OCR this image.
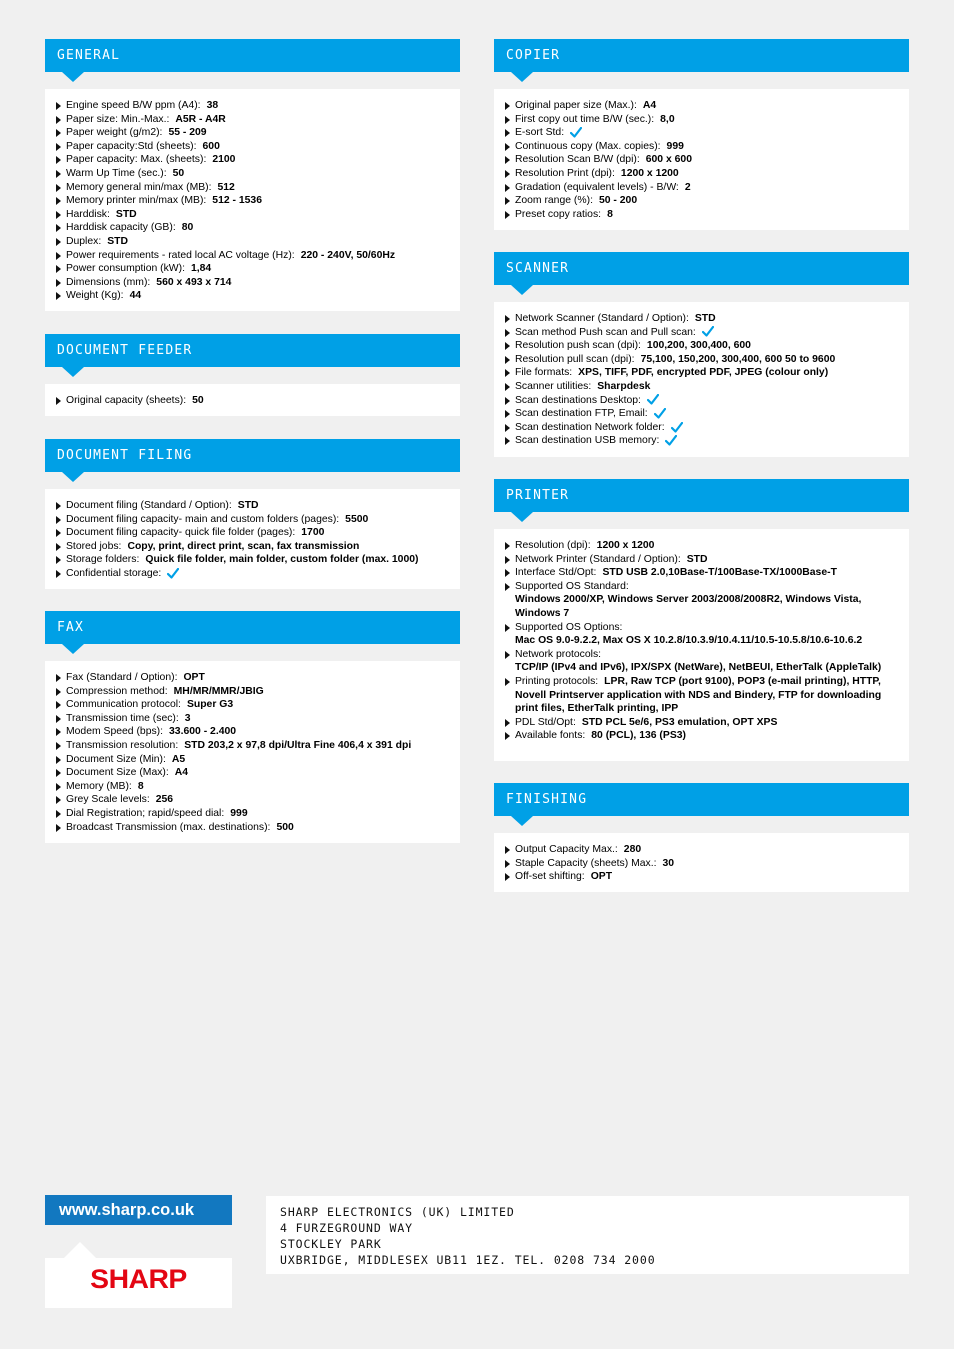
GENERAL
Engine speed B/W ppm (A4): 38
Paper size: Min.-Max.: A5R - A4R
Paper weight (g/m2): 55 - 209
Paper capacity:Std (sheets): 600
Paper capacity: Max. (sheets): 2100
Warm Up Time (sec.): 50
Memory general min/max (MB): 512
Memory printer min/max (MB): 512 - 1536
Harddisk: STD
Harddisk capacity (GB): 80
Duplex: STD
Power requirements - rated local AC voltage (Hz): 220 - 240V, 50/60Hz
Power consumption (kW): 1,84
Dimensions (mm): 560 x 493 x 714
Weight (Kg): 44
DOCUMENT FEEDER
Original capacity (sheets): 50
DOCUMENT FILING
Document filing (Standard / Option): STD
Document filing capacity- main and custom folders (pages): 5500
Document filing capacity- quick file folder (pages): 1700
Stored jobs: Copy, print, direct print, scan, fax transmission
Storage folders: Quick file folder, main folder, custom folder (max. 1000)
Confidential storage:
FAX
Fax (Standard / Option): OPT
Compression method: MH/MR/MMR/JBIG
Communication protocol: Super G3
Transmission time (sec): 3
Modem Speed (bps): 33.600 - 2.400
Transmission resolution: STD 203,2 x 97,8 dpi/Ultra Fine 406,4 x 391 dpi
Document Size (Min): A5
Document Size (Max): A4
Memory (MB): 8
Grey Scale levels: 256
Dial Registration; rapid/speed dial: 999
Broadcast Transmission (max. destinations): 500
COPIER
Original paper size (Max.): A4
First copy out time B/W (sec.): 8,0
E-sort Std:
Continuous copy (Max. copies): 999
Resolution Scan B/W (dpi): 600 x 600
Resolution Print (dpi): 1200 x 1200
Gradation (equivalent levels) - B/W: 2
Zoom range (%): 50 - 200
Preset copy ratios: 8
SCANNER
Network Scanner (Standard / Option): STD
Scan method Push scan and Pull scan:
Resolution push scan (dpi): 100,200, 300,400, 600
Resolution pull scan (dpi): 75,100, 150,200, 300,400, 600 50 to 9600
File formats: XPS, TIFF, PDF, encrypted PDF, JPEG (colour only)
Scanner utilities: Sharpdesk
Scan destinations Desktop:
Scan destination FTP, Email:
Scan destination Network folder:
Scan destination USB memory:
PRINTER
Resolution (dpi): 1200 x 1200
Network Printer (Standard / Option): STD
Interface Std/Opt: STD USB 2.0,10Base-T/100Base-TX/1000Base-T
Supported OS Standard:
Windows 2000/XP, Windows Server 2003/2008/2008R2, Windows Vista, Windows 7
Supported OS Options:
Mac OS 9.0-9.2.2, Max OS X 10.2.8/10.3.9/10.4.11/10.5-10.5.8/10.6-10.6.2
Network protocols:
TCP/IP (IPv4 and IPv6), IPX/SPX (NetWare), NetBEUI, EtherTalk (AppleTalk)
Printing protocols: LPR, Raw TCP (port 9100), POP3 (e-mail printing), HTTP, Novell Printserver application with NDS and Bindery, FTP for downloading print files, EtherTalk printing, IPP
PDL Std/Opt: STD PCL 5e/6, PS3 emulation, OPT XPS
Available fonts: 80 (PCL), 136 (PS3)
FINISHING
Output Capacity Max.: 280
Staple Capacity (sheets) Max.: 30
Off-set shifting: OPT
www.sharp.co.uk
SHARP
SHARP ELECTRONICS (UK) LIMITED
4 FURZEGROUND WAY
STOCKLEY PARK
UXBRIDGE, MIDDLESEX UB11 1EZ. TEL. 0208 734 2000
